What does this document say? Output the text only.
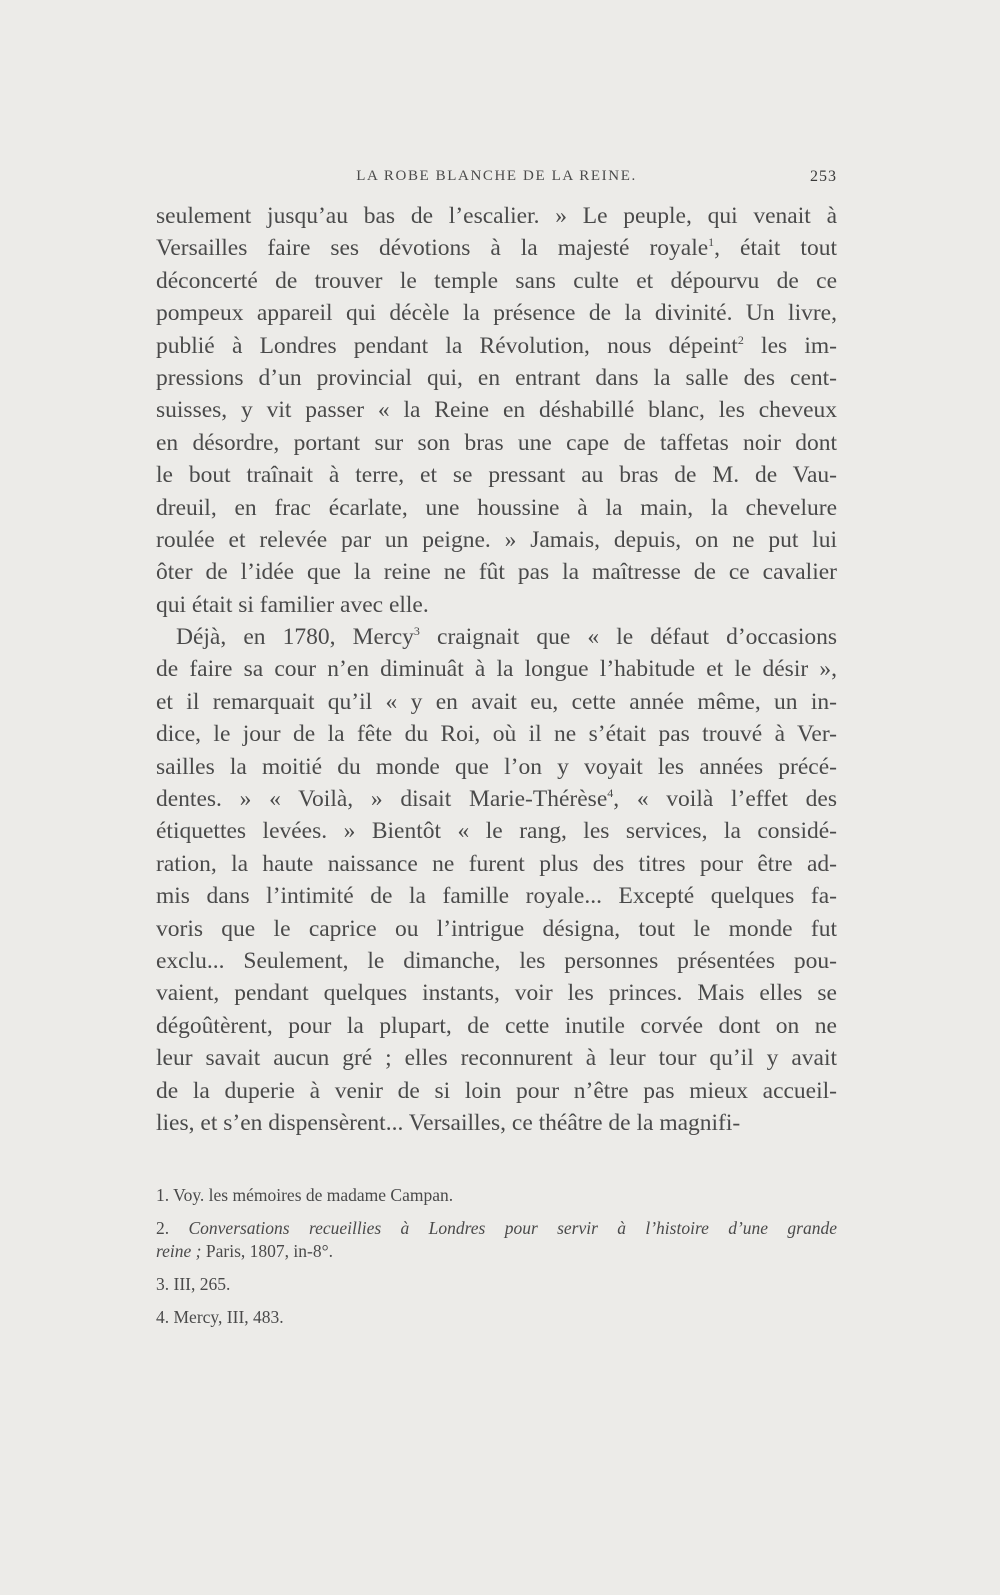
LA ROBE BLANCHE DE LA REINE.	253
seulement jusqu’au bas de l’escalier. » Le peuple, qui venait à
Versailles faire ses dévotions à la majesté royale$^1$, était tout
déconcerté de trouver le temple sans culte et dépourvu de ce
pompeux appareil qui décèle la présence de la divinité. Un livre,
publié à Londres pendant la Révolution, nous dépeint$^2$ les im-
pressions d’un provincial qui, en entrant dans la salle des cent-
suisses, y vit passer « la Reine en déshabillé blanc, les cheveux
en désordre, portant sur son bras une cape de taffetas noir dont
le bout traînait à terre, et se pressant au bras de M. de Vau-
dreuil, en frac écarlate, une houssine à la main, la chevelure
roulée et relevée par un peigne. » Jamais, depuis, on ne put lui
ôter de l’idée que la reine ne fût pas la maîtresse de ce cavalier
qui était si familier avec elle.
Déjà, en 1780, Mercy$^3$ craignait que « le défaut d’occasions
de faire sa cour n’en diminuât à la longue l’habitude et le désir »,
et il remarquait qu’il « y en avait eu, cette année même, un in-
dice, le jour de la fête du Roi, où il ne s’était pas trouvé à Ver-
sailles la moitié du monde que l’on y voyait les années précé-
dentes. » « Voilà, » disait Marie-Thérèse$^4$, « voilà l’effet des
étiquettes levées. » Bientôt « le rang, les services, la considé-
ration, la haute naissance ne furent plus des titres pour être ad-
mis dans l’intimité de la famille royale... Excepté quelques fa-
voris que le caprice ou l’intrigue désigna, tout le monde fut
exclu... Seulement, le dimanche, les personnes présentées pou-
vaient, pendant quelques instants, voir les princes. Mais elles se
dégoûtèrent, pour la plupart, de cette inutile corvée dont on ne
leur savait aucun gré ; elles reconnurent à leur tour qu’il y avait
de la duperie à venir de si loin pour n’être pas mieux accueil-
lies, et s’en dispensèrent... Versailles, ce théâtre de la magnifi-
1. Voy. les mémoires de madame Campan.
2. Conversations recueillies à Londres pour servir à l’histoire d’une grande
reine ; Paris, 1807, in-8°.
3. III, 265.
4. Mercy, III, 483.
